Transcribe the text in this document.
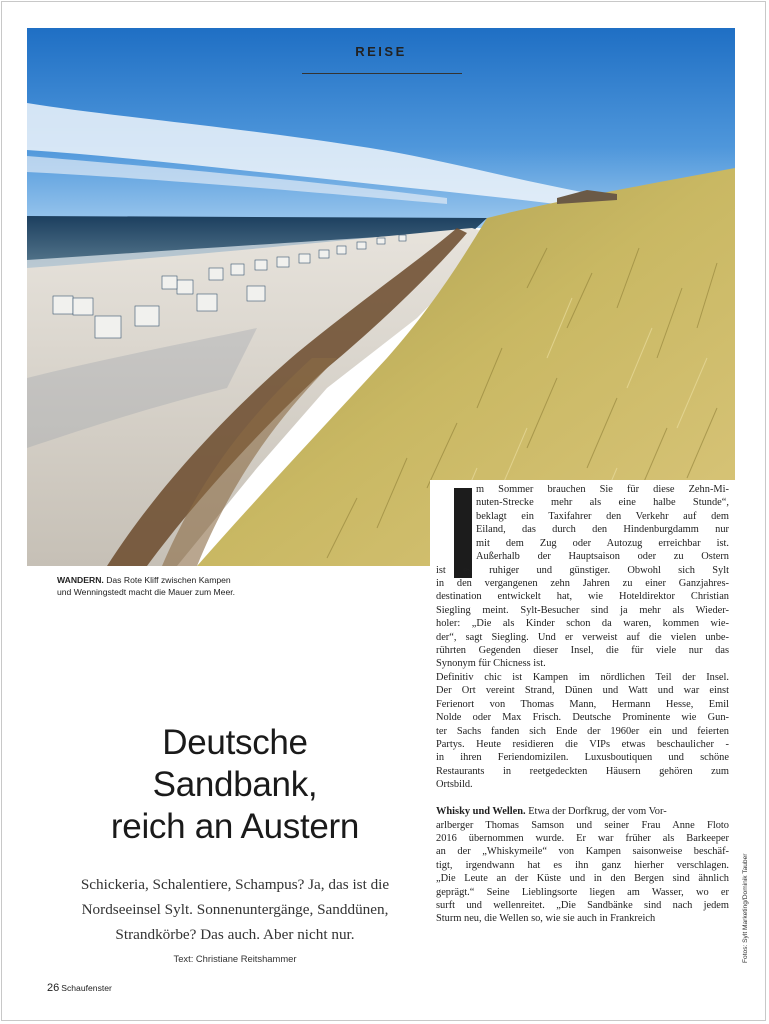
REISE
WANDERN. Das Rote Kliff zwischen Kampen und Wenningstedt macht die Mauer zum Meer.
Deutsche
Sandbank,
reich an Austern
Schickeria, Schalentiere, Schampus? Ja, das ist die
Nordseeinsel Sylt. Sonnenuntergänge, Sanddünen,
Strandkörbe? Das auch. Aber nicht nur.
Text: Christiane Reitshammer
26 Schaufenster
Fotos: Sylt Marketing/Dominik Tauber
m Sommer brauchen Sie für diese Zehn-Mi-
nuten-Strecke mehr als eine halbe Stunde“,
beklagt ein Taxifahrer den Verkehr auf dem
Eiland, das durch den Hindenburgdamm nur
mit dem Zug oder Autozug erreichbar ist.
Außerhalb der Hauptsaison oder zu Ostern
ist es ruhiger und günstiger. Obwohl sich Sylt
in den vergangenen zehn Jahren zu einer Ganzjahres-
destination entwickelt hat, wie Hoteldirektor Christian
Siegling meint. Sylt-Besucher sind ja mehr als Wieder-
holer: „Die als Kinder schon da waren, kommen wie-
der“, sagt Siegling. Und er verweist auf die vielen unbe-
rührten Gegenden dieser Insel, die für viele nur das
Synonym für Chicness ist.
Definitiv chic ist Kampen im nördlichen Teil der Insel.
Der Ort vereint Strand, Dünen und Watt und war einst
Ferienort von Thomas Mann, Hermann Hesse, Emil
Nolde oder Max Frisch. Deutsche Prominente wie Gun-
ter Sachs fanden sich Ende der 1960er ein und feierten
Partys. Heute residieren die VIPs etwas beschaulicher -
in ihren Feriendomizilen. Luxusboutiquen und schöne
Restaurants in reetgedeckten Häusern gehören zum
Ortsbild.
Whisky und Wellen. Etwa der Dorfkrug, der vom Vor-
arlberger Thomas Samson und seiner Frau Anne Floto
2016 übernommen wurde. Er war früher als Barkeeper
an der „Whiskymeile“ von Kampen saisonweise beschäf-
tigt, irgendwann hat es ihn ganz hierher verschlagen.
„Die Leute an der Küste und in den Bergen sind ähnlich
geprägt.“ Seine Lieblingsorte liegen am Wasser, wo er
surft und wellenreitet. „Die Sandbänke sind nach jedem
Sturm neu, die Wellen so, wie sie auch in Frankreich
